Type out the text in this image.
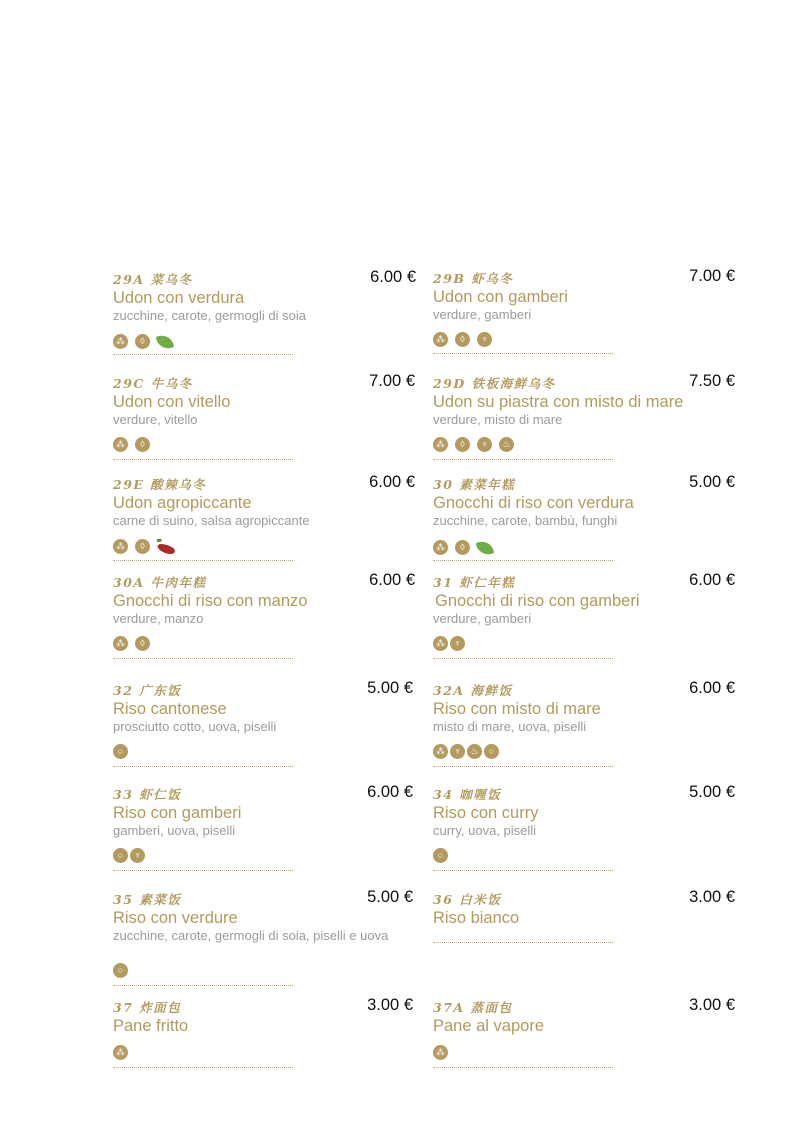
29A 菜乌冬	6.00 €
Udon con verdura
zucchine, carote, germogli di soia
⁂	◊
29B 虾乌冬	7.00 €
Udon con gamberi
verdure, gamberi
⁂	◊	♆
29C 牛乌冬	7.00 €
Udon con vitello
verdure, vitello
⁂	◊
29D 铁板海鲜乌冬	7.50 €
Udon su piastra con misto di mare
verdure, misto di mare
⁂	◊	♆	♨
29E 酸辣乌冬	6.00 €
Udon agropiccante
carne di suino, salsa agropiccante
⁂	◊
30 素菜年糕	5.00 €
Gnocchi di riso con verdura
zucchine, carote, bambù, funghi
⁂	◊
30A 牛肉年糕	6.00 €
Gnocchi di riso con manzo
verdure, manzo
⁂	◊
31 虾仁年糕	6.00 €
Gnocchi di riso con gamberi
verdure, gamberi
⁂	♆
32 广东饭	5.00 €
Riso cantonese
prosciutto cotto, uova, piselli
○
32A 海鲜饭	6.00 €
Riso con misto di mare
misto di mare, uova, piselli
⁂	♆	♨	○
33 虾仁饭	6.00 €
Riso con gamberi
gamberi, uova, piselli
○	♆
34 咖喱饭	5.00 €
Riso con curry
curry, uova, piselli
○
35 素菜饭	5.00 €
Riso con verdure
zucchine, carote, germogli di soia, piselli e uova
○
36 白米饭	3.00 €
Riso bianco
37 炸面包	3.00 €
Pane fritto
⁂
37A 蒸面包	3.00 €
Pane al vapore
⁂
